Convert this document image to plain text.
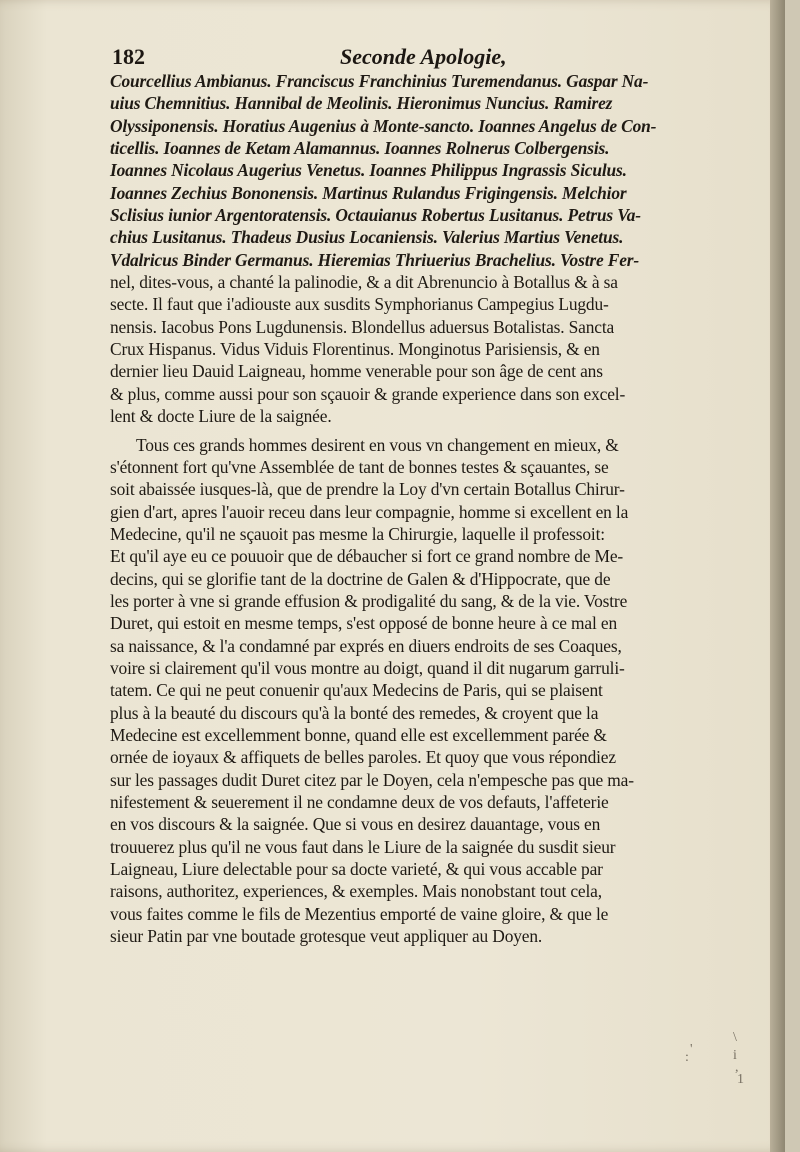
182	Seconde Apologie,
Courcellius Ambianus. Franciscus Franchinius Turemendanus. Gaspar Na-
uius Chemnitius. Hannibal de Meolinis. Hieronimus Nuncius. Ramirez
Olyssiponensis. Horatius Augenius à Monte-sancto. Ioannes Angelus de Con-
ticellis. Ioannes de Ketam Alamannus. Ioannes Rolnerus Colbergensis.
Ioannes Nicolaus Augerius Venetus. Ioannes Philippus Ingrassis Siculus.
Ioannes Zechius Bononensis. Martinus Rulandus Frigingensis. Melchior
Sclisius iunior Argentoratensis. Octauianus Robertus Lusitanus. Petrus Va-
chius Lusitanus. Thadeus Dusius Locaniensis. Valerius Martius Venetus.
Vdalricus Binder Germanus. Hieremias Thriuerius Brachelius. Vostre Fer-
nel, dites-vous, a chanté la palinodie, & a dit Abrenuncio à Botallus & à sa
secte. Il faut que i'adiouste aux susdits Symphorianus Campegius Lugdu-
nensis. Iacobus Pons Lugdunensis. Blondellus aduersus Botalistas. Sancta
Crux Hispanus. Vidus Viduis Florentinus. Monginotus Parisiensis, & en
dernier lieu Dauid Laigneau, homme venerable pour son âge de cent ans
& plus, comme aussi pour son sçauoir & grande experience dans son excel-
lent & docte Liure de la saignée.
Tous ces grands hommes desirent en vous vn changement en mieux, &
s'étonnent fort qu'vne Assemblée de tant de bonnes testes & sçauantes, se
soit abaissée iusques-là, que de prendre la Loy d'vn certain Botallus Chirur-
gien d'art, apres l'auoir receu dans leur compagnie, homme si excellent en la
Medecine, qu'il ne sçauoit pas mesme la Chirurgie, laquelle il professoit:
Et qu'il aye eu ce pouuoir que de débaucher si fort ce grand nombre de Me-
decins, qui se glorifie tant de la doctrine de Galen & d'Hippocrate, que de
les porter à vne si grande effusion & prodigalité du sang, & de la vie. Vostre
Duret, qui estoit en mesme temps, s'est opposé de bonne heure à ce mal en
sa naissance, & l'a condamné par exprés en diuers endroits de ses Coaques,
voire si clairement qu'il vous montre au doigt, quand il dit nugarum garruli-
tatem. Ce qui ne peut conuenir qu'aux Medecins de Paris, qui se plaisent
plus à la beauté du discours qu'à la bonté des remedes, & croyent que la
Medecine est excellemment bonne, quand elle est excellemment parée &
ornée de ioyaux & affiquets de belles paroles. Et quoy que vous répondiez
sur les passages dudit Duret citez par le Doyen, cela n'empesche pas que ma-
nifestement & seuerement il ne condamne deux de vos defauts, l'affeterie
en vos discours & la saignée. Que si vous en desirez dauantage, vous en
trouuerez plus qu'il ne vous faut dans le Liure de la saignée du susdit sieur
Laigneau, Liure delectable pour sa docte varieté, & qui vous accable par
raisons, authoritez, experiences, & exemples. Mais nonobstant tout cela,
vous faites comme le fils de Mezentius emporté de vaine gloire, & que le
sieur Patin par vne boutade grotesque veut appliquer au Doyen.
\
'
:	i
,
1
